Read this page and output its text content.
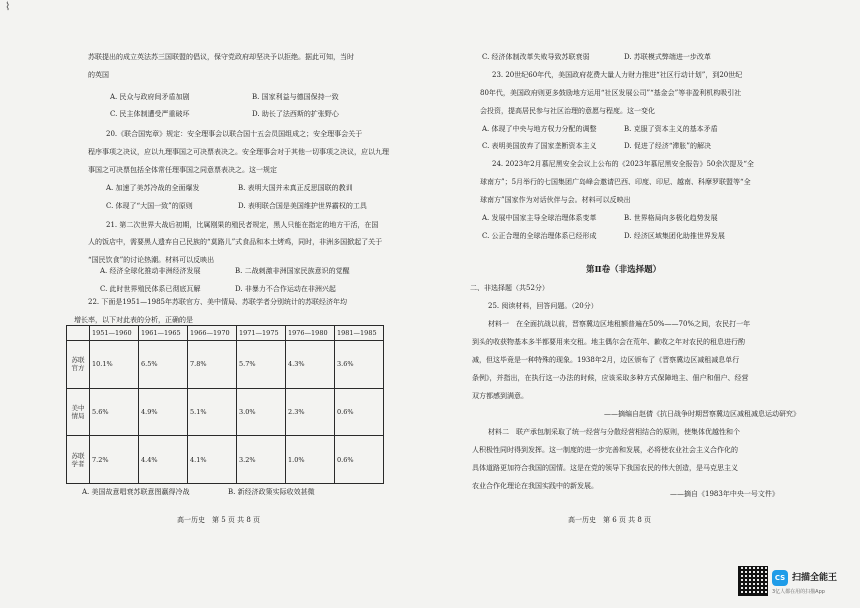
⌇
苏联提出的成立英法苏三国联盟的倡议，保守党政府却坚决予以拒绝。据此可知，当时
的英国
A. 民众与政府间矛盾加剧	B. 国家利益与德国保持一致
C. 民主体制遭受严重破坏	D. 助长了法西斯的扩张野心
20.《联合国宪章》规定：安全理事会以联合国十五会员国组成之；安全理事会关于
程序事项之决议，应以九理事国之可决票表决之。安全理事会对于其他一切事项之决议，应以九理
事国之可决票包括全体常任理事国之同意票表决之。这一规定
A. 加速了美苏冷战的全面爆发	B. 表明大国并未真正反思国联的教训
C. 体现了“大国一致”的原则	D. 表明联合国是美国维护世界霸权的工具
21. 第二次世界大战后初期，比属刚果的殖民者规定，黑人只能在指定的地方干活，在国
人的饭店中，需要黑人遗弃自己民族的“莫路儿”式食品和本土烤鸡，同时，非洲多国掀起了关于
“国民饮食”的讨论热潮。材料可以反映出
A. 经济全球化推动非洲经济发展	B. 二战刺激非洲国家民族意识的觉醒
C. 此时世界殖民体系已彻底瓦解	D. 非暴力不合作运动在非洲兴起
22. 下面是1951—1985年苏联官方、美中情局、苏联学者分别统计的苏联经济年均
增长率，以下对此表的分析，正确的是
	1951—1960	1961—1965	1966—1970	1971—1975	1976—1980	1981—1985
苏联官方	10.1%	6.5%	7.8%	5.7%	4.3%	3.6%
美中情局	5.6%	4.9%	5.1%	3.0%	2.3%	0.6%
苏联学者	7.2%	4.4%	4.1%	3.2%	1.0%	0.6%
A. 美国故意唱衰苏联意图赢得冷战	B. 新经济政策实际收效甚微
高一历史　第 5 页 共 8 页
C. 经济体制改革失败导致苏联衰弱	D. 苏联模式弊端进一步改革
23. 20世纪60年代，美国政府花费大量人力财力推进“社区行动计划”，到20世纪
80年代，美国政府则更多鼓励地方运用“社区发展公司”“基金会”等非盈利机构吸引社
会投资，提高居民参与社区治理的意愿与程度。这一变化
A. 体现了中央与地方权力分配的调整	B. 克服了资本主义的基本矛盾
C. 表明美国放弃了国家垄断资本主义	D. 促进了经济“滞胀”的解决
24. 2023年2月慕尼黑安全会议上公布的《2023年慕尼黑安全报告》50余次提及“全
球南方”；5月举行的七国集团广岛峰会邀请巴西、印度、印尼、越南、科摩罗联盟等“全
球南方”国家作为对话伙伴与会。材料可以反映出
A. 发展中国家主导全球治理体系变革	B. 世界格局向多极化趋势发展
C. 公正合理的全球治理体系已经形成	D. 经济区域集团化助推世界发展
第Ⅱ卷（非选择题）
二、非选择题（共52分）
25. 阅读材料，回答问题。（20分）
材料一　在全面抗战以前，晋察冀边区地租额普遍在50%——70%之间，农民打一年
到头的收获物基本多半都要用来交租。地主偶尔会在荒年、歉收之年对农民的租息进行酌
减，但这毕竟是一种特殊的现象。1938年2月，边区颁布了《晋察冀边区减租减息单行
条例》，并指出，在执行这一办法的时候，应该采取多种方式保障地主、佃户和佃户、经营
双方都感到满意。
——摘编自赵倩《抗日战争时期晋察冀边区减租减息运动研究》
材料二　联产承包制采取了统一经营与分散经营相结合的原则，使集体优越性和个
人积极性同时得到发挥。这一制度的进一步完善和发展，必将使农业社会主义合作化的
具体道路更加符合我国的国情。这是在党的领导下我国农民的伟大创造，是马克思主义
农业合作化理论在我国实践中的新发展。
——摘自《1983年中央一号文件》
高一历史　第 6 页 共 8 页
CS 扫描全能王
3亿人都在用的扫描App
